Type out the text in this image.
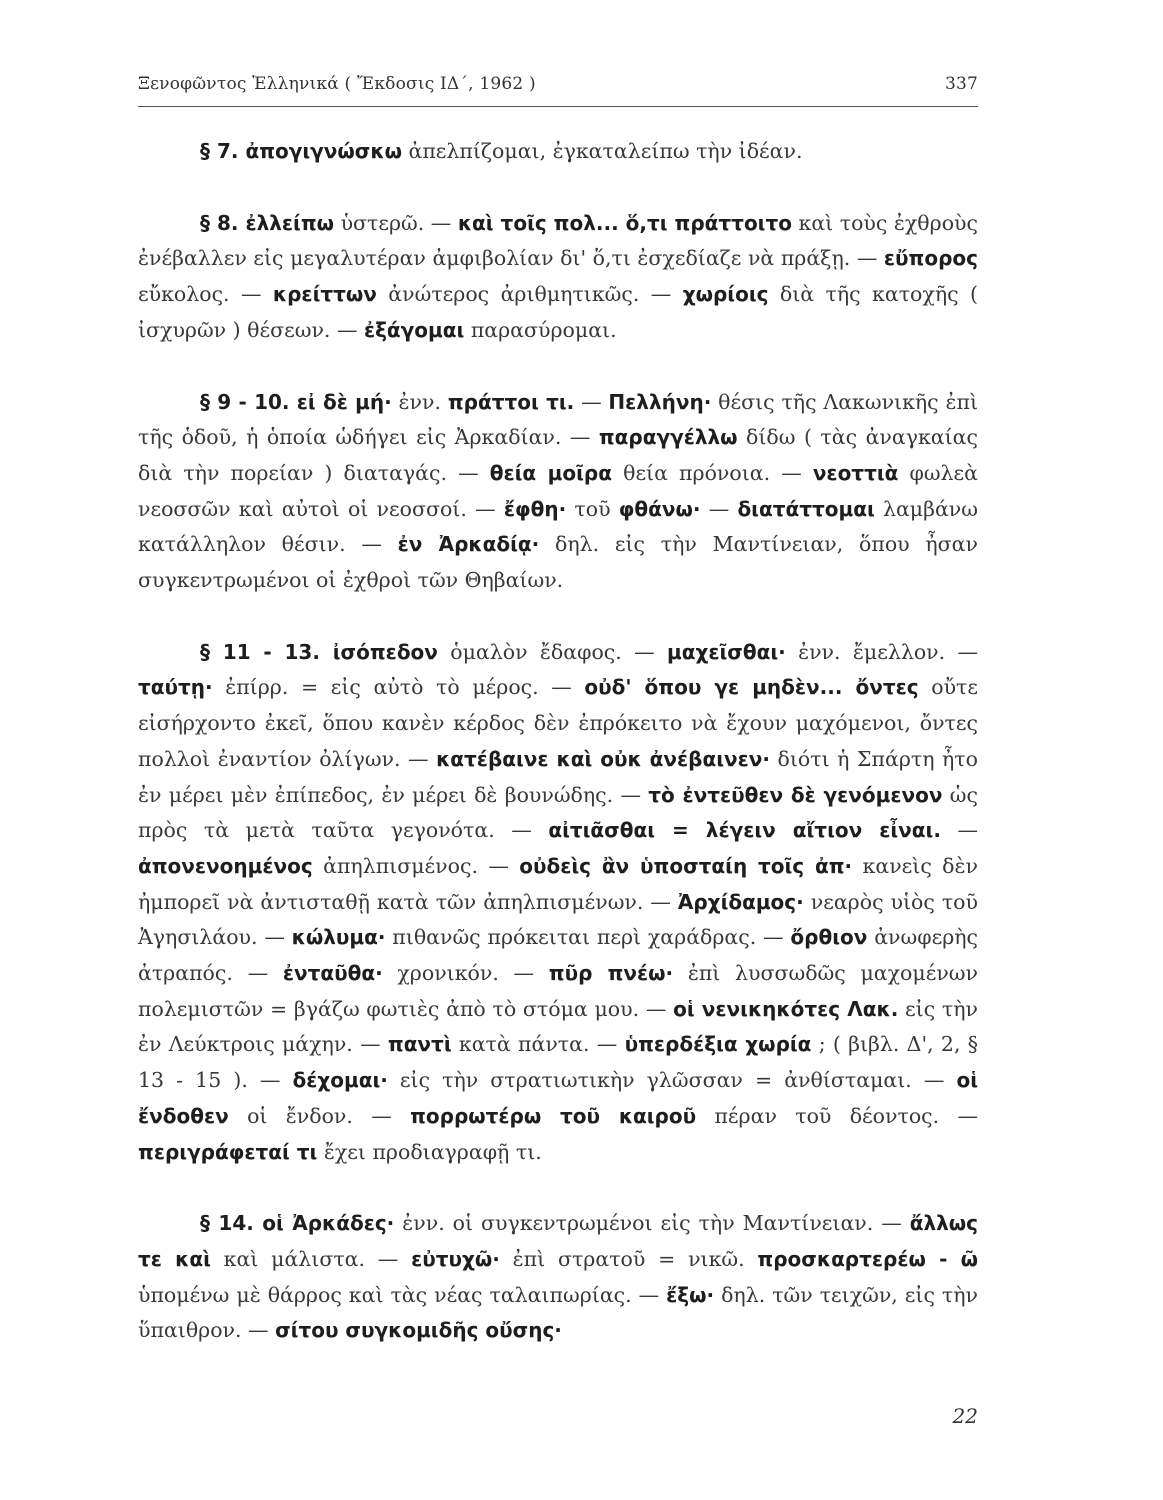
Ξενοφῶντος Ἑλληνικά ( Ἔκδοσις ΙΔ΄, 1962 )	337

§ 7. ἀπογιγνώσκω ἀπελπίζομαι, ἐγκαταλείπω τὴν ἰδέαν.

§ 8. ἐλλείπω ὑστερῶ. — καὶ τοῖς πολ... ὅ,τι πράττοιτο καὶ τοὺς ἐχθροὺς ἐνέβαλλεν εἰς μεγαλυτέραν ἀμφιβολίαν δι' ὅ,τι ἐσχεδίαζε νὰ πράξῃ. — εὔπορος εὔκολος. — κρείττων ἀνώτερος ἀριθμητικῶς. — χωρίοις διὰ τῆς κατοχῆς ( ἰσχυρῶν ) θέσεων. — ἐξάγομαι παρασύρομαι.

§ 9 - 10. εἰ δὲ μή· ἐνν. πράττοι τι. — Πελλήνη· θέσις τῆς Λακωνικῆς ἐπὶ τῆς ὁδοῦ, ἡ ὁποία ὡδήγει εἰς Ἀρκαδίαν. — παραγγέλλω δίδω ( τὰς ἀναγκαίας διὰ τὴν πορείαν ) διαταγάς. — θεία μοῖρα θεία πρόνοια. — νεοττιὰ φωλεὰ νεοσσῶν καὶ αὐτοὶ οἱ νεοσσοί. — ἔφθη· τοῦ φθάνω· — διατάττομαι λαμβάνω κατάλληλον θέσιν. — ἐν Ἀρκαδίᾳ· δηλ. εἰς τὴν Μαντίνειαν, ὅπου ἦσαν συγκεντρωμένοι οἱ ἐχθροὶ τῶν Θηβαίων.

§ 11 - 13. ἰσόπεδον ὁμαλὸν ἔδαφος. — μαχεῖσθαι· ἐνν. ἔμελλον. — ταύτῃ· ἐπίρρ. = εἰς αὐτὸ τὸ μέρος. — οὐδ' ὅπου γε μηδὲν... ὄντες οὔτε εἰσήρχοντο ἐκεῖ, ὅπου κανὲν κέρδος δὲν ἐπρόκειτο νὰ ἔχουν μαχόμενοι, ὄντες πολλοὶ ἐναντίον ὀλίγων. — κατέβαινε καὶ οὐκ ἀνέβαινεν· διότι ἡ Σπάρτη ἦτο ἐν μέρει μὲν ἐπίπεδος, ἐν μέρει δὲ βουνώδης. — τὸ ἐντεῦθεν δὲ γενόμενον ὡς πρὸς τὰ μετὰ ταῦτα γεγονότα. — αἰτιᾶσθαι = λέγειν αἴτιον εἶναι. — ἀπονενοημένος ἀπηλπισμένος. — οὐδεὶς ἂν ὑποσταίη τοῖς ἀπ· κανεὶς δὲν ἠμπορεῖ νὰ ἀντισταθῇ κατὰ τῶν ἀπηλπισμένων. — Ἀρχίδαμος· νεαρὸς υἱὸς τοῦ Ἀγησιλάου. — κώλυμα· πιθανῶς πρόκειται περὶ χαράδρας. — ὄρθιον ἀνωφερὴς ἀτραπός. — ἐνταῦθα· χρονικόν. — πῦρ πνέω· ἐπὶ λυσσωδῶς μαχομένων πολεμιστῶν = βγάζω φωτιὲς ἀπὸ τὸ στόμα μου. — οἱ νενικηκότες Λακ. εἰς τὴν ἐν Λεύκτροις μάχην. — παντὶ κατὰ πάντα. — ὑπερδέξια χωρία ; ( βιβλ. Δ', 2, § 13 - 15 ). — δέχομαι· εἰς τὴν στρατιωτικὴν γλῶσσαν = ἀνθίσταμαι. — οἱ ἔνδοθεν οἱ ἔνδον. — πορρωτέρω τοῦ καιροῦ πέραν τοῦ δέοντος. — περιγράφεταί τι ἔχει προδιαγραφῇ τι.

§ 14. οἱ Ἀρκάδες· ἐνν. οἱ συγκεντρωμένοι εἰς τὴν Μαντίνειαν. — ἄλλως τε καὶ καὶ μάλιστα. — εὐτυχῶ· ἐπὶ στρατοῦ = νικῶ. προσκαρτερέω - ῶ ὑπομένω μὲ θάρρος καὶ τὰς νέας ταλαιπωρίας. — ἔξω· δηλ. τῶν τειχῶν, εἰς τὴν ὕπαιθρον. — σίτου συγκομιδῆς οὔσης·

22
